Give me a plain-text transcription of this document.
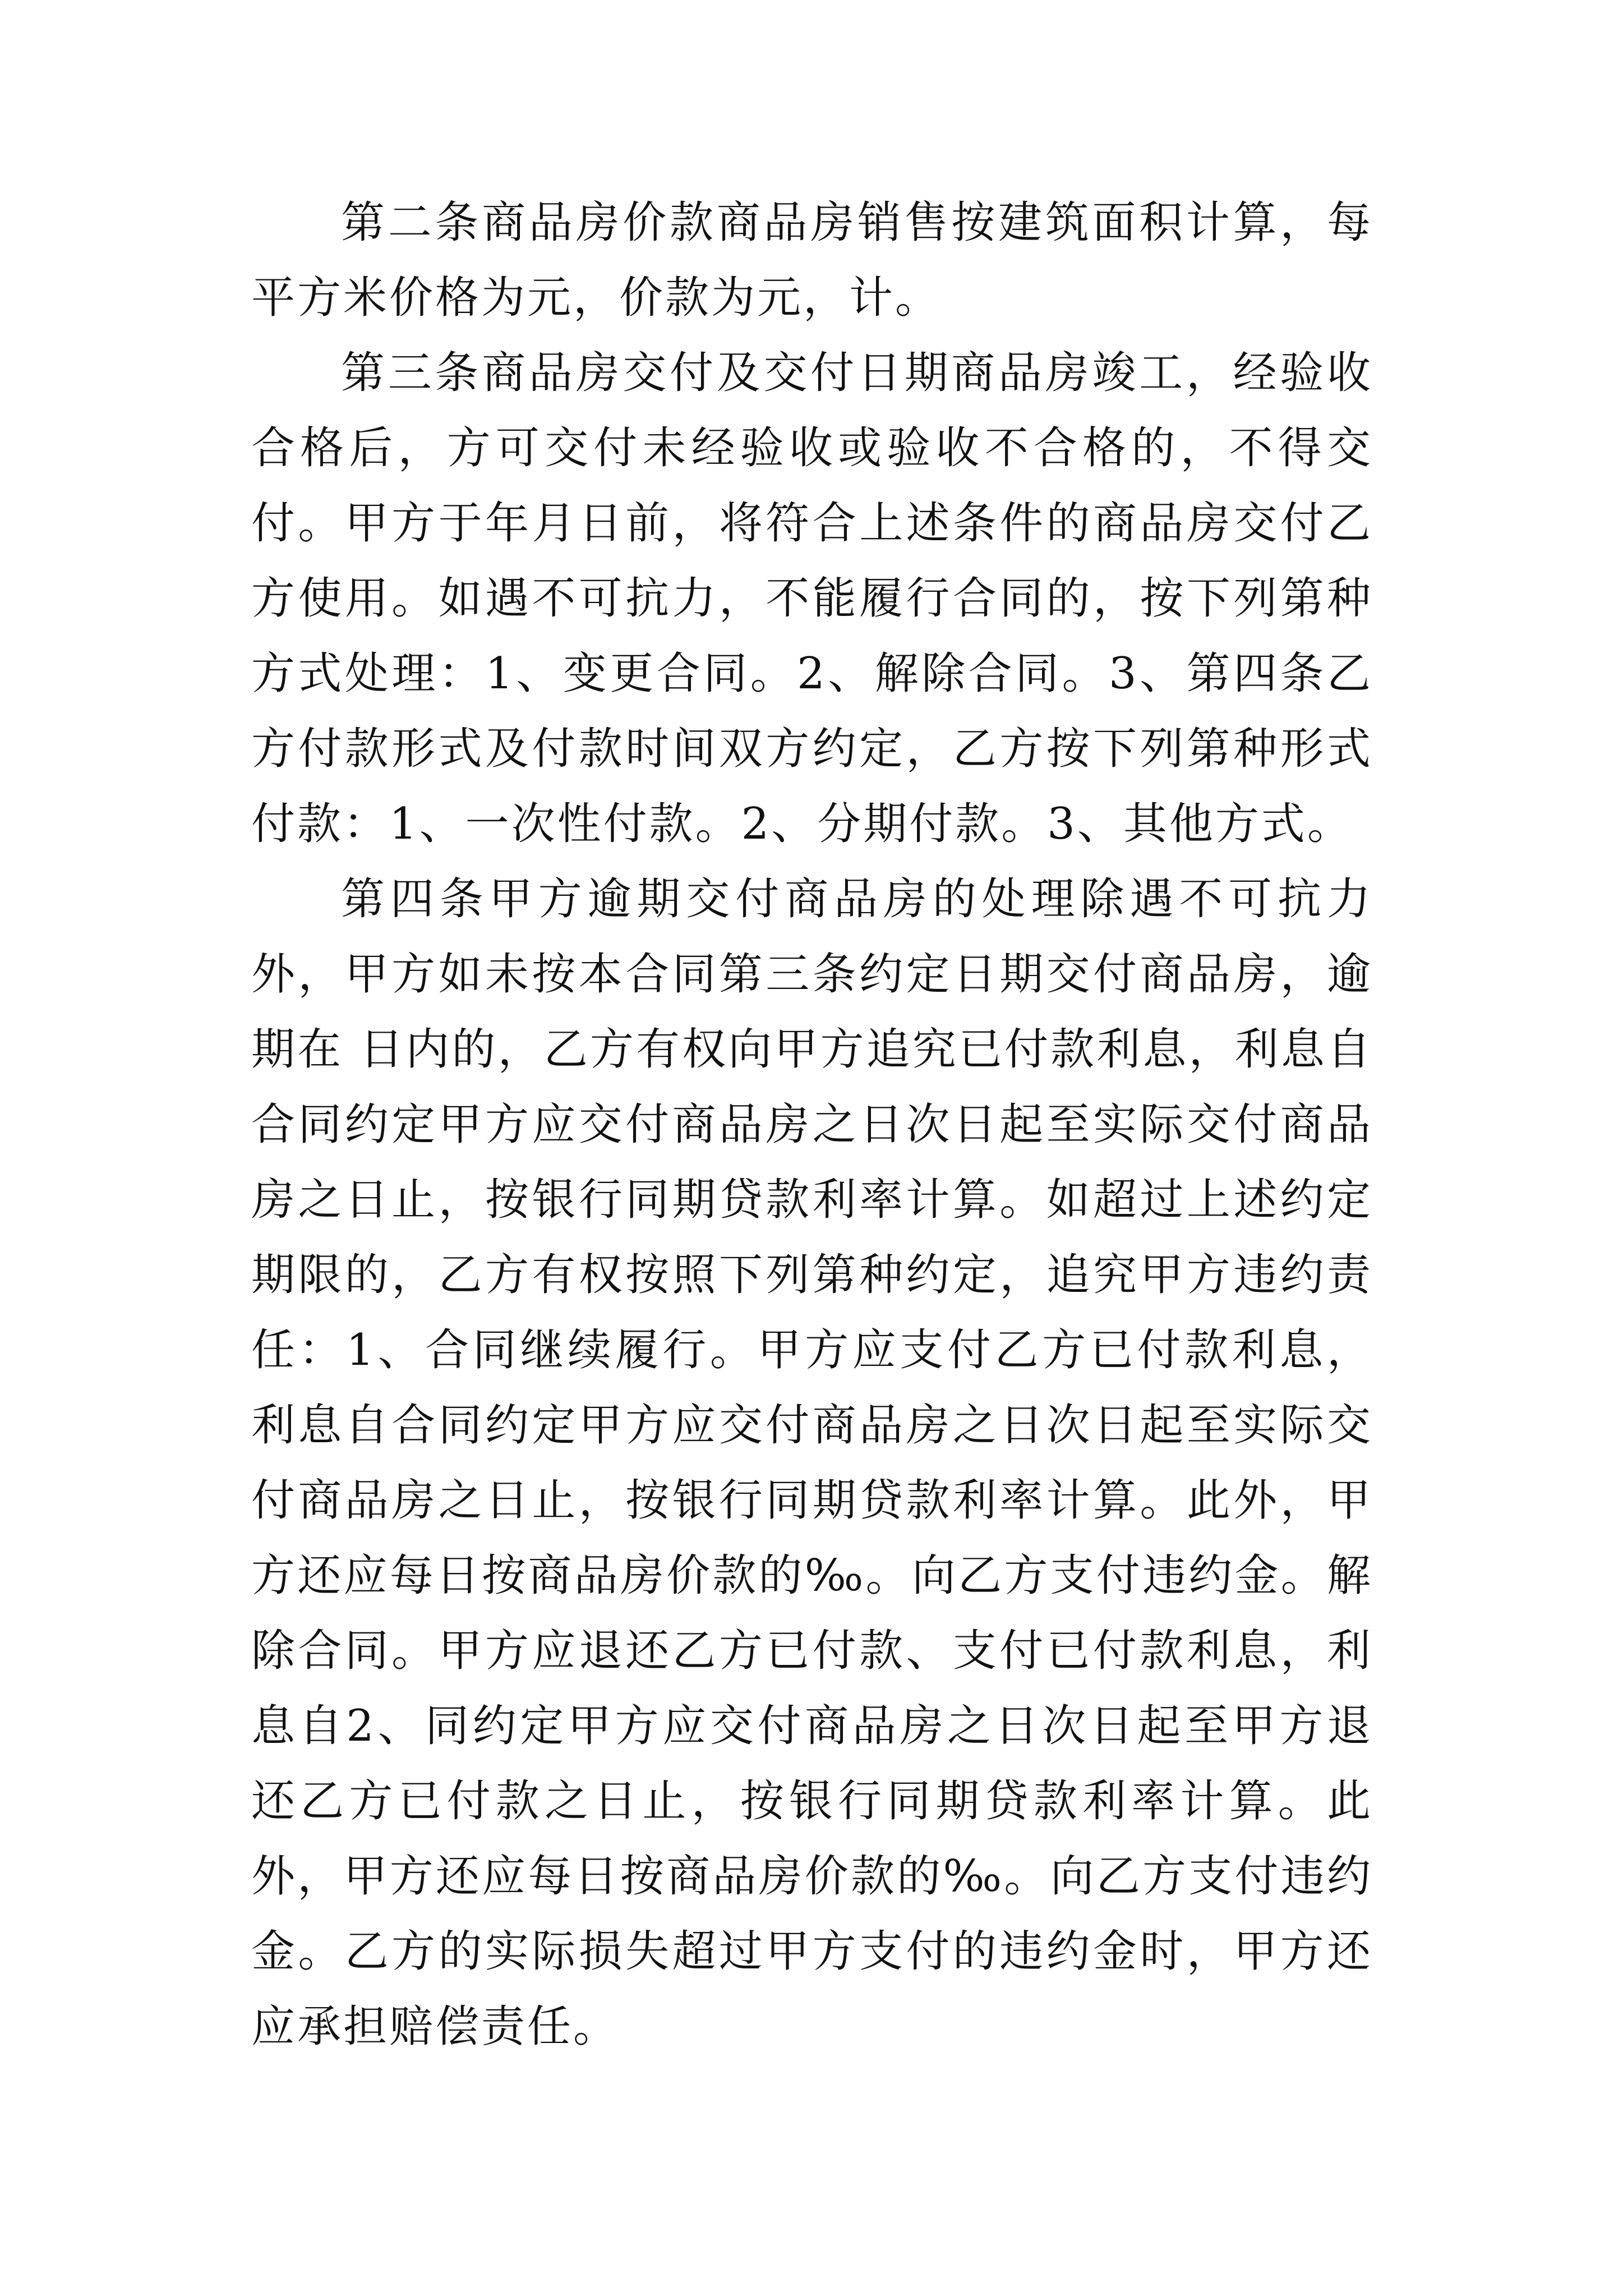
第二条商品房价款商品房销售按建筑面积计算，每平方米价格为元，价款为元，计。

第三条商品房交付及交付日期商品房竣工，经验收合格后，方可交付未经验收或验收不合格的，不得交付。甲方于年月日前，将符合上述条件的商品房交付乙方使用。如遇不可抗力，不能履行合同的，按下列第种方式处理：1、变更合同。2、解除合同。3、第四条乙方付款形式及付款时间双方约定，乙方按下列第种形式付款：1、一次性付款。2、分期付款。3、其他方式。

第四条甲方逾期交付商品房的处理除遇不可抗力外，甲方如未按本合同第三条约定日期交付商品房，逾期在 日内的，乙方有权向甲方追究已付款利息，利息自合同约定甲方应交付商品房之日次日起至实际交付商品房之日止，按银行同期贷款利率计算。如超过上述约定期限的，乙方有权按照下列第种约定，追究甲方违约责任：1、合同继续履行。甲方应支付乙方已付款利息，利息自合同约定甲方应交付商品房之日次日起至实际交付商品房之日止，按银行同期贷款利率计算。此外，甲方还应每日按商品房价款的‰。向乙方支付违约金。解除合同。甲方应退还乙方已付款、支付已付款利息，利息自2、同约定甲方应交付商品房之日次日起至甲方退还乙方已付款之日止，按银行同期贷款利率计算。此外，甲方还应每日按商品房价款的‰。向乙方支付违约金。乙方的实际损失超过甲方支付的违约金时，甲方还应承担赔偿责任。
